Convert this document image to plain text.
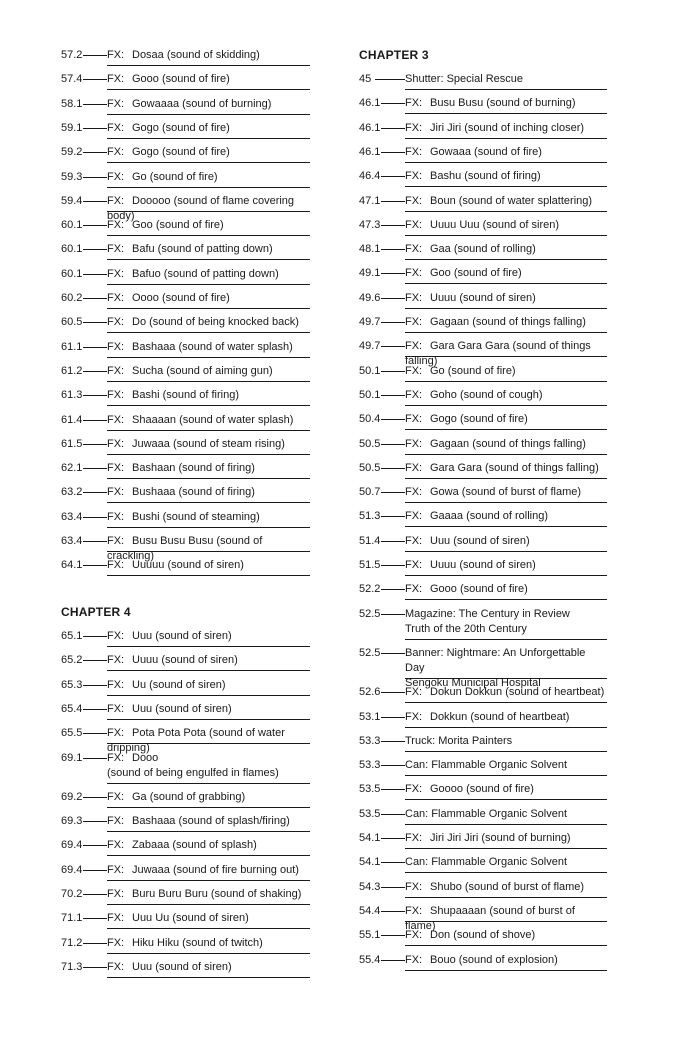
57.2 FX: Dosaa (sound of skidding)
57.4 FX: Gooo (sound of fire)
58.1 FX: Gowaaaa (sound of burning)
59.1 FX: Gogo (sound of fire)
59.2 FX: Gogo (sound of fire)
59.3 FX: Go (sound of fire)
59.4 FX: Dooooo (sound of flame covering body)
60.1 FX: Goo (sound of fire)
60.1 FX: Bafu (sound of patting down)
60.1 FX: Bafuo (sound of patting down)
60.2 FX: Oooo (sound of fire)
60.5 FX: Do (sound of being knocked back)
61.1 FX: Bashaaa (sound of water splash)
61.2 FX: Sucha (sound of aiming gun)
61.3 FX: Bashi (sound of firing)
61.4 FX: Shaaaan (sound of water splash)
61.5 FX: Juwaaa (sound of steam rising)
62.1 FX: Bashaan (sound of firing)
63.2 FX: Bushaaa (sound of firing)
63.4 FX: Bushi (sound of steaming)
63.4 FX: Busu Busu Busu (sound of crackling)
64.1 FX: Uuuuu (sound of siren)
CHAPTER 4
65.1 FX: Uuu (sound of siren)
65.2 FX: Uuuu (sound of siren)
65.3 FX: Uu (sound of siren)
65.4 FX: Uuu (sound of siren)
65.5 FX: Pota Pota Pota (sound of water dripping)
69.1 FX: Dooo
(sound of being engulfed in flames)
69.2 FX: Ga (sound of grabbing)
69.3 FX: Bashaaa (sound of splash/firing)
69.4 FX: Zabaaa (sound of splash)
69.4 FX: Juwaaa (sound of fire burning out)
70.2 FX: Buru Buru Buru (sound of shaking)
71.1 FX: Uuu Uu (sound of siren)
71.2 FX: Hiku Hiku (sound of twitch)
71.3 FX: Uuu (sound of siren)
CHAPTER 3
45	Shutter: Special Rescue
46.1 FX: Busu Busu (sound of burning)
46.1 FX: Jiri Jiri (sound of inching closer)
46.1 FX: Gowaaa (sound of fire)
46.4 FX: Bashu (sound of firing)
47.1 FX: Boun (sound of water splattering)
47.3 FX: Uuuu Uuu (sound of siren)
48.1 FX: Gaa (sound of rolling)
49.1 FX: Goo (sound of fire)
49.6 FX: Uuuu (sound of siren)
49.7 FX: Gagaan (sound of things falling)
49.7 FX: Gara Gara Gara (sound of things falling)
50.1 FX: Go (sound of fire)
50.1 FX: Goho (sound of cough)
50.4 FX: Gogo (sound of fire)
50.5 FX: Gagaan (sound of things falling)
50.5 FX: Gara Gara (sound of things falling)
50.7 FX: Gowa (sound of burst of flame)
51.3 FX: Gaaaa (sound of rolling)
51.4 FX: Uuu (sound of siren)
51.5 FX: Uuuu (sound of siren)
52.2 FX: Gooo (sound of fire)
52.5 Magazine: The Century in Review
Truth of the 20th Century
52.5 Banner: Nightmare: An Unforgettable Day
Sengoku Municipal Hospital
52.6 FX: Dokun Dokkun (sound of heartbeat)
53.1 FX: Dokkun (sound of heartbeat)
53.3 Truck: Morita Painters
53.3 Can: Flammable Organic Solvent
53.5 FX: Goooo (sound of fire)
53.5 Can: Flammable Organic Solvent
54.1 FX: Jiri Jiri Jiri (sound of burning)
54.1 Can: Flammable Organic Solvent
54.3 FX: Shubo (sound of burst of flame)
54.4 FX: Shupaaaan (sound of burst of flame)
55.1 FX: Don (sound of shove)
55.4 FX: Bouo (sound of explosion)
